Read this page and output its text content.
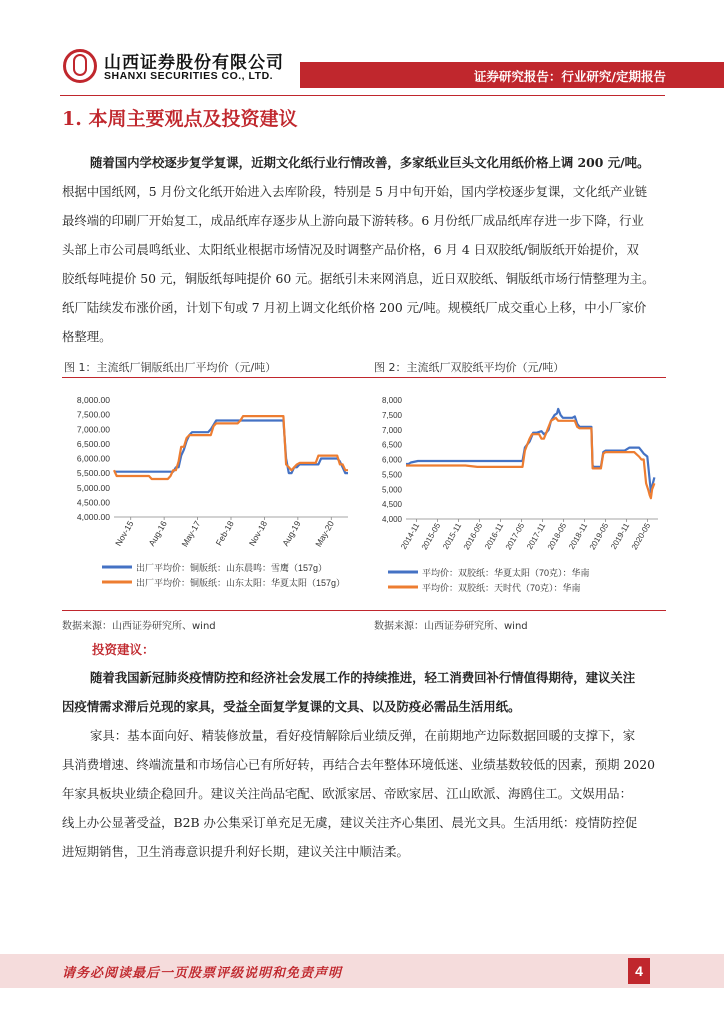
山西证券股份有限公司
SHANXI SECURITIES CO., LTD.	证券研究报告：行业研究/定期报告
1. 本周主要观点及投资建议
随着国内学校逐步复学复课，近期文化纸行业行情改善，多家纸业巨头文化用纸价格上调 200 元/吨。
根据中国纸网，5 月份文化纸开始进入去库阶段，特别是 5 月中旬开始，国内学校逐步复课，文化纸产业链
最终端的印刷厂开始复工，成品纸库存逐步从上游向最下游转移。6 月份纸厂成品纸库存进一步下降，行业
头部上市公司晨鸣纸业、太阳纸业根据市场情况及时调整产品价格，6 月 4 日双胶纸/铜版纸开始提价，双
胶纸每吨提价 50 元，铜版纸每吨提价 60 元。据纸引未来网消息，近日双胶纸、铜版纸市场行情整理为主。
纸厂陆续发布涨价函，计划下旬或 7 月初上调文化纸价格 200 元/吨。规模纸厂成交重心上移，中小厂家价
格整理。
图 1：主流纸厂铜版纸出厂平均价（元/吨）	图 2：主流纸厂双胶纸平均价（元/吨）
8,000.00
7,500.00
7,000.00
6,500.00
6,000.00
5,500.00
5,000.00
4,500.00
4,000.00
Nov-15 Aug-16 May-17 Feb-18 Nov-18 Aug-19 May-20
出厂平均价：铜版纸：山东晨鸣：雪鹰（157g）
出厂平均价：铜版纸：山东太阳：华夏太阳（157g）
8,000
7,500
7,000
6,500
6,000
5,500
5,000
4,500
4,000
2014-11
2015-05
2015-11
2016-05
2016-11
2017-05
2017-11
2018-05
2018-11
2019-05
2019-11
2020-05
平均价：双胶纸：华夏太阳（70克）：华南
平均价：双胶纸：天时代（70克）：华南
数据来源：山西证券研究所、wind	数据来源：山西证券研究所、wind
投资建议：
随着我国新冠肺炎疫情防控和经济社会发展工作的持续推进，轻工消费回补行情值得期待，建议关注
因疫情需求滞后兑现的家具，受益全面复学复课的文具、以及防疫必需品生活用纸。
家具：基本面向好、精装修放量，看好疫情解除后业绩反弹，在前期地产边际数据回暖的支撑下，家
具消费增速、终端流量和市场信心已有所好转，再结合去年整体环境低迷、业绩基数较低的因素，预期 2020
年家具板块业绩企稳回升。建议关注尚品宅配、欧派家居、帝欧家居、江山欧派、海鸥住工。文娱用品：
线上办公显著受益，B2B 办公集采订单充足无虞，建议关注齐心集团、晨光文具。生活用纸：疫情防控促
进短期销售，卫生消毒意识提升利好长期，建议关注中顺洁柔。
请务必阅读最后一页股票评级说明和免责声明	4
